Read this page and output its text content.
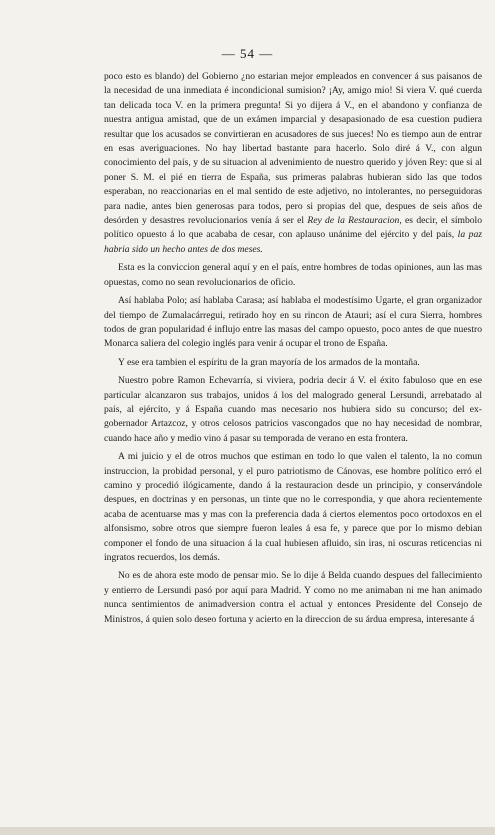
— 54 —

poco esto es blando) del Gobierno ¿no estarian mejor empleados en convencer á sus paisanos de la necesidad de una inmediata é incondicional sumision? ¡Ay, amigo mio! Si viera V. qué cuerda tan delicada toca V. en la primera pregunta! Si yo dijera á V., en el abandono y confianza de nuestra antigua amistad, que de un exámen imparcial y desapasionado de esa cuestion pudiera resultar que los acusados se convirtieran en acusadores de sus jueces! No es tiempo aun de entrar en esas averiguaciones. No hay libertad bastante para hacerlo. Solo diré á V., con algun conocimiento del país, y de su situacion al advenimiento de nuestro querido y jóven Rey: que si al poner S. M. el pié en tierra de España, sus primeras palabras hubieran sido las que todos esperaban, no reaccionarias en el mal sentido de este adjetivo, no intolerantes, no perseguidoras para nadie, antes bien generosas para todos, pero si propias del que, despues de seis años de desórden y desastres revolucionarios venía á ser el Rey de la Restauracion, es decir, el símbolo político opuesto á lo que acababa de cesar, con aplauso unánime del ejército y del país, la paz habria sido un hecho antes de dos meses.

Esta es la conviccion general aquí y en el país, entre hombres de todas opiniones, aun las mas opuestas, como no sean revolucionarios de oficio.

Así hablaba Polo; así hablaba Carasa; así hablaba el modestísimo Ugarte, el gran organizador del tiempo de Zumalacárregui, retirado hoy en su rincon de Atauri; así el cura Sierra, hombres todos de gran popularidad é influjo entre las masas del campo opuesto, poco antes de que nuestro Monarca saliera del colegio inglés para venir á ocupar el trono de España.

Y ese era tambien el espíritu de la gran mayoría de los armados de la montaña.

Nuestro pobre Ramon Echevarría, si viviera, podria decir á V. el éxito fabuloso que en ese particular alcanzaron sus trabajos, unidos á los del malogrado general Lersundi, arrebatado al país, al ejército, y á España cuando mas necesario nos hubiera sido su concurso; del ex-gobernador Artazcoz, y otros celosos patricios vascongados que no hay necesidad de nombrar, cuando hace año y medio vino á pasar su temporada de verano en esta frontera.

A mi juicio y el de otros muchos que estiman en todo lo que valen el talento, la no comun instruccion, la probidad personal, y el puro patriotismo de Cánovas, ese hombre político erró el camino y procedió ilógicamente, dando á la restauracion desde un principio, y conservándole despues, en doctrinas y en personas, un tinte que no le correspondia, y que ahora recientemente acaba de acentuarse mas y mas con la preferencia dada á ciertos elementos poco ortodoxos en el alfonsismo, sobre otros que siempre fueron leales á esa fe, y parece que por lo mismo debian componer el fondo de una situacion á la cual hubiesen afluido, sin iras, ni oscuras reticencias ni ingratos recuerdos, los demás.

No es de ahora este modo de pensar mio. Se lo dije á Belda cuando despues del fallecimiento y entierro de Lersundi pasó por aquí para Madrid. Y como no me animaban ni me han animado nunca sentimientos de animadversion contra el actual y entonces Presidente del Consejo de Ministros, á quien solo deseo fortuna y acierto en la direccion de su árdua empresa, interesante á
